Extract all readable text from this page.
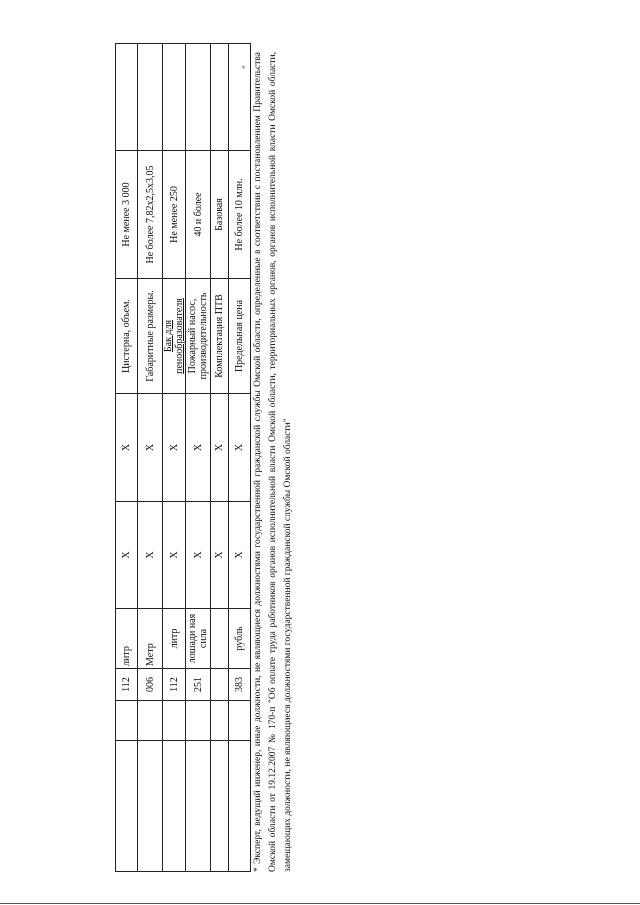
		112	литр	X	X	Цистерна, объем.	Не менее 3 000	
		006	Метр	X	X	Габаритные размеры.	Не более 7,82х2,5х3,05	
		112	литр	X	X	Бак для пенообразователя	Не менее 250	
		251	лошади ная сила	X	X	Пожарный насос, производительность	40 и более	
				X	X	Комплектация ПТВ	Базовая	
		383	рубль	X	X	Предельная цена	Не более 10 млн.	
" * Эксперт, ведущий инженер, иные должности, не являющиеся должностями государственной гражданской службы Омской области, определенные в соответствии с постановлением Правительства Омской области от 19.12.2007 № 170-п "Об оплате труда работников органов исполнительной власти Омской области, территориальных органов, органов исполнительной власти Омской области, замещающих должности, не являющиеся должностями государственной гражданской службы Омской области"
